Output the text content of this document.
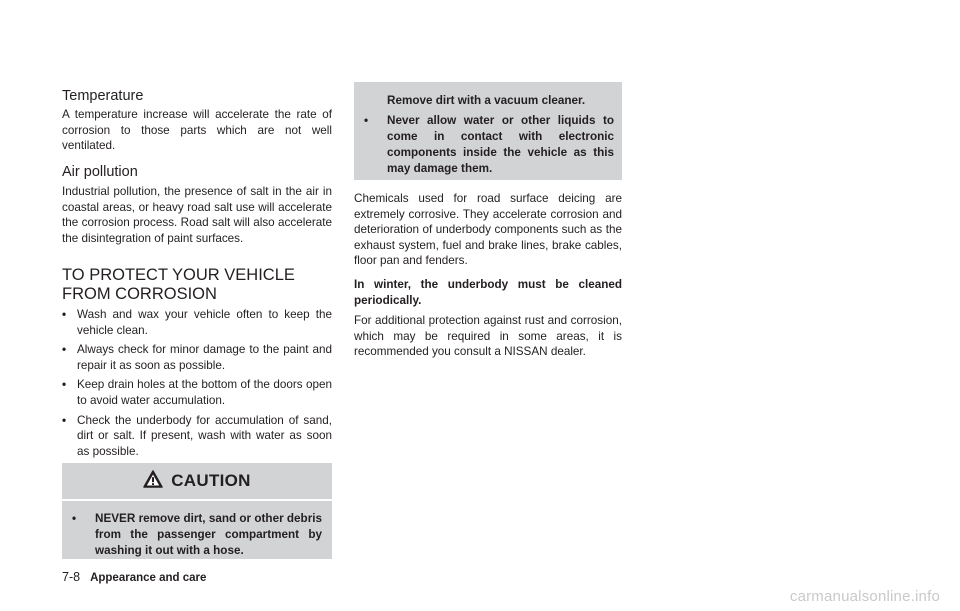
Temperature

A temperature increase will accelerate the rate of corrosion to those parts which are not well ventilated.

Air pollution

Industrial pollution, the presence of salt in the air in coastal areas, or heavy road salt use will accelerate the corrosion process. Road salt will also accelerate the disintegration of paint surfaces.

TO PROTECT YOUR VEHICLE FROM CORROSION
• Wash and wax your vehicle often to keep the vehicle clean.
• Always check for minor damage to the paint and repair it as soon as possible.
• Keep drain holes at the bottom of the doors open to avoid water accumulation.
• Check the underbody for accumulation of sand, dirt or salt. If present, wash with water as soon as possible.
CAUTION
• NEVER remove dirt, sand or other debris from the passenger compartment by washing it out with a hose.
Remove dirt with a vacuum cleaner.
• Never allow water or other liquids to come in contact with electronic components inside the vehicle as this may damage them.

Chemicals used for road surface deicing are extremely corrosive. They accelerate corrosion and deterioration of underbody components such as the exhaust system, fuel and brake lines, brake cables, floor pan and fenders.

In winter, the underbody must be cleaned periodically.

For additional protection against rust and corrosion, which may be required in some areas, it is recommended you consult a NISSAN dealer.

7-8 Appearance and care
carmanualsonline.info
